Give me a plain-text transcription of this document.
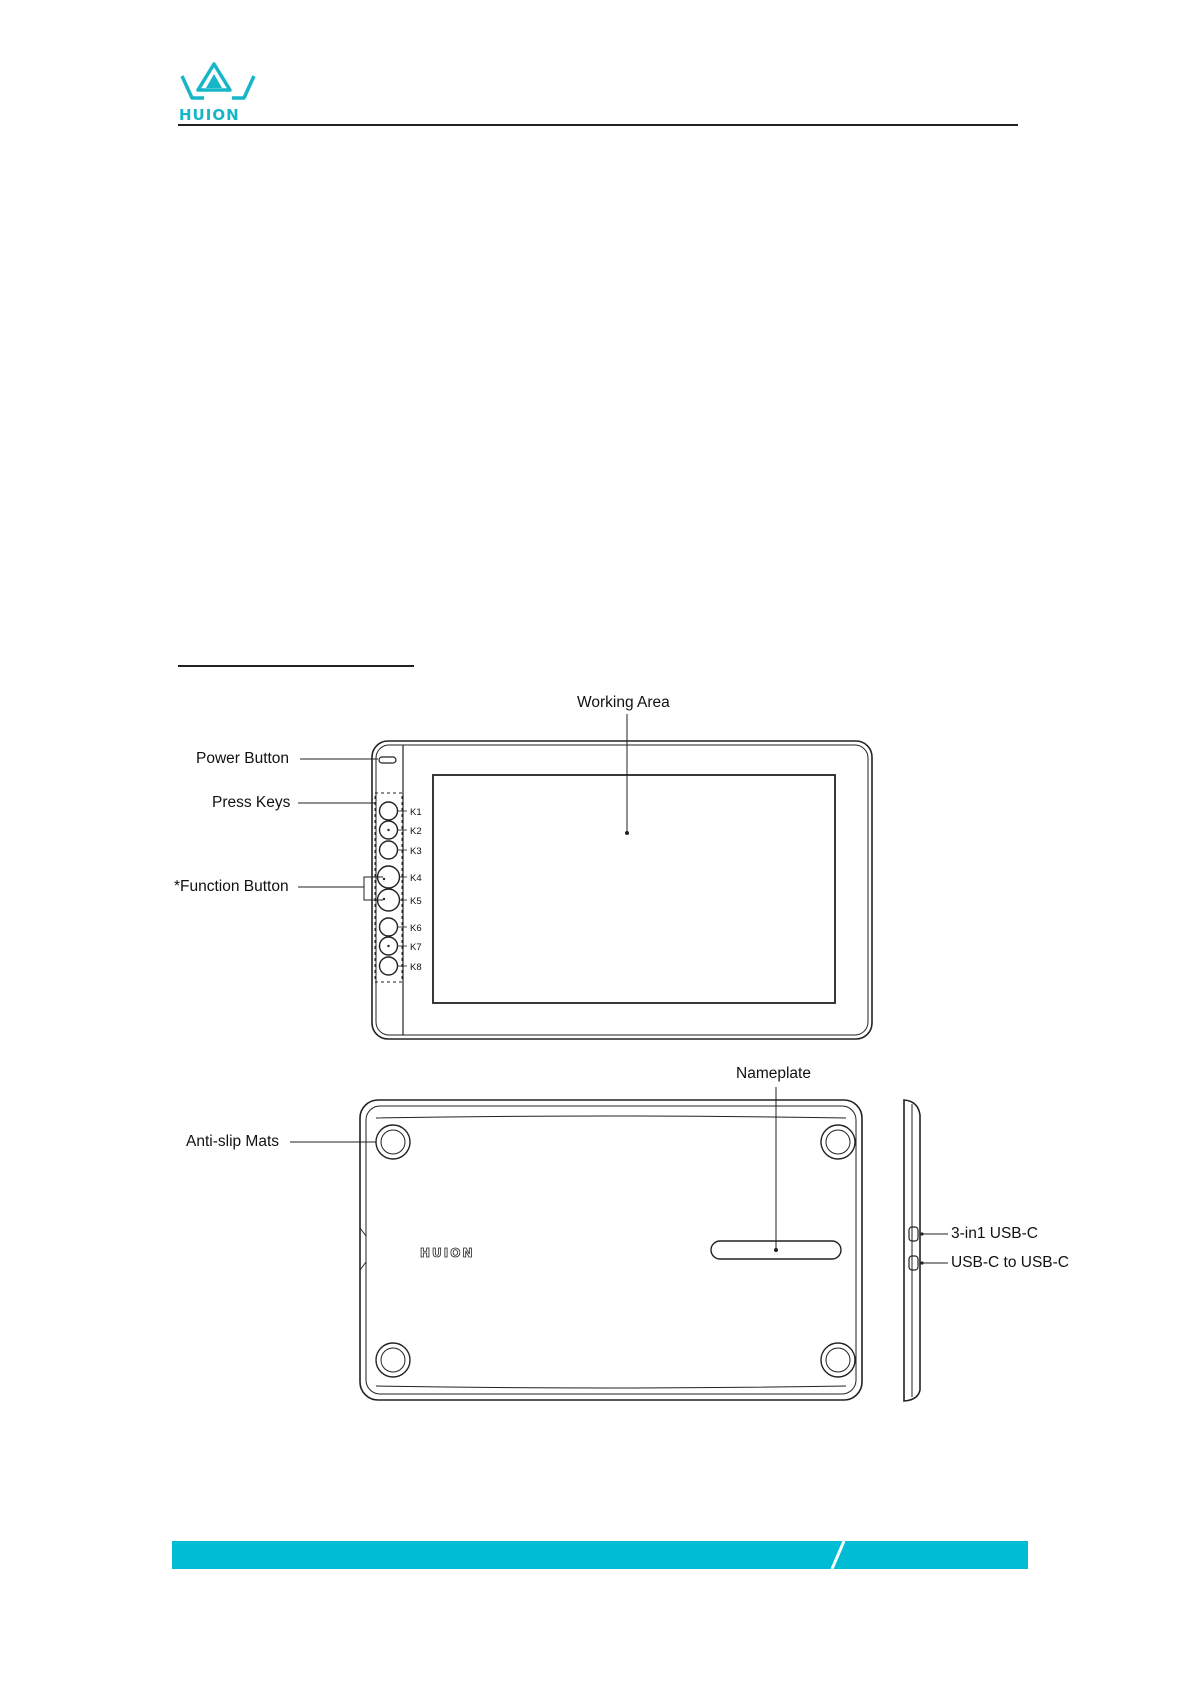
HUION
HUION
K1
K2
K3
K4
K5
K6
K7
K8
Working Area
Power Button
Press Keys
*Function Button
Nameplate
Anti-slip Mats
3-in1 USB-C
USB-C to USB-C
